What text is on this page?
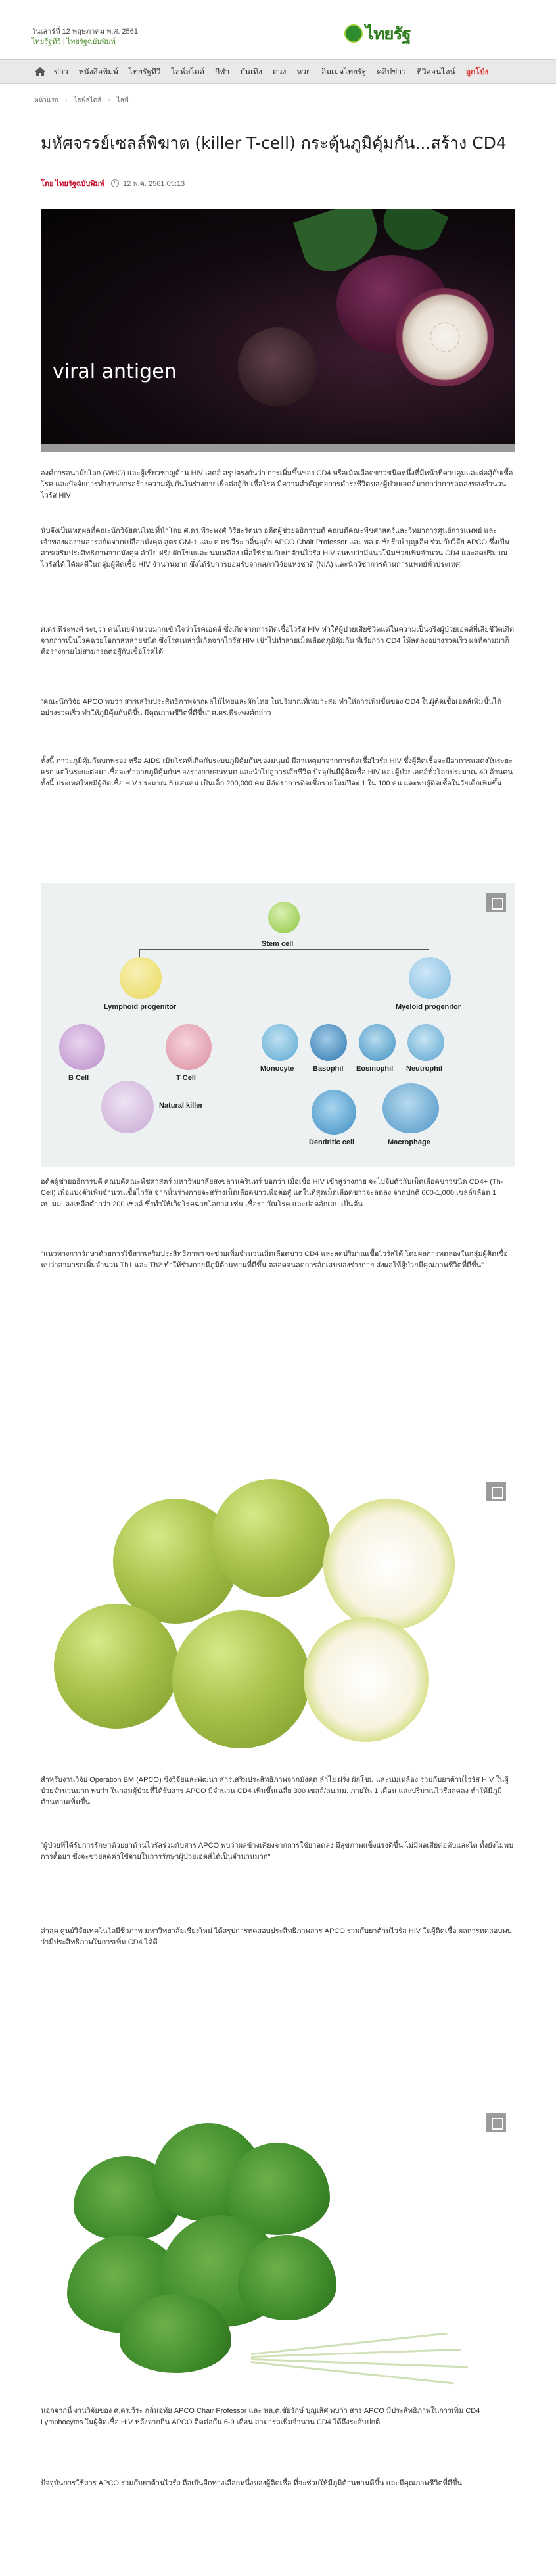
วันเสาร์ที่ 12 พฤษภาคม พ.ศ. 2561
ไทยรัฐทีวี | ไทยรัฐฉบับพิมพ์	ไทยรัฐ
ข่าว หนังสือพิมพ์ ไทยรัฐทีวี ไลฟ์สไตล์ กีฬา บันเทิง ดวง หวย อิมเมจไทยรัฐ คลิปข่าว ทีวีออนไลน์ ลูกโป่ง
หน้าแรก › ไลฟ์สไตล์ › ไลฟ์
มหัศจรรย์เซลล์พิฆาต (killer T-cell) กระตุ้นภูมิคุ้มกัน...สร้าง CD4
โดย ไทยรัฐฉบับพิมพ์	12 พ.ค. 2561 05:13
viral antigen

องค์การอนามัยโลก (WHO) และผู้เชี่ยวชาญด้าน HIV เอดส์ สรุปตรงกันว่า การเพิ่มขึ้นของ CD4 หรือเม็ดเลือดขาวชนิดหนึ่งที่มีหน้าที่ควบคุมและต่อสู้กับเชื้อโรค และปัจจัยการทำงานการสร้างความคุ้มกันในร่างกายเพื่อต่อสู้กับเชื้อโรค มีความสำคัญต่อการดำรงชีวิตของผู้ป่วยเอดส์มากกว่าการลดลงของจำนวนไวรัส HIV

นับจึงเป็นเหตุผลที่คณะนักวิจัยคนไทยที่นำโดย ศ.ดร.พีระพงศ์ วิรียะรัตนา อดีตผู้ช่วยอธิการบดี คณบดีคณะพืชศาสตร์และวิทยาการศูนย์การแพทย์ และเจ้าของผลงานสารสกัดจากเปลือกมังคุด สูตร GM-1 และ ศ.ดร.วีระ กลิ่นอุทัย APCO Chair Professor และ พล.ต.ชัยรักษ์ บุญเลิศ ร่วมกับวิจัย APCO ซึ่งเป็นสารเสริมประสิทธิภาพจากมังคุด ลำไย ฝรั่ง ผักโขมและ นมเหลือง เพื่อใช้ร่วมกับยาต้านไวรัส HIV จนพบว่ามีแนวโน้มช่วยเพิ่มจำนวน CD4 และลดปริมาณไวรัสได้ ได้ผลดีในกลุ่มผู้ติดเชื้อ HIV จำนวนมาก ซึ่งได้รับการยอมรับจากสภาวิจัยแห่งชาติ (NIA) และนักวิชาการด้านการแพทย์ทั่วประเทศ

ศ.ดร.พีระพงศ์ ระบุว่า คนไทยจำนวนมากเข้าใจว่าโรคเอดส์ ซึ่งเกิดจากการติดเชื้อไวรัส HIV ทำให้ผู้ป่วยเสียชีวิตแต่ในความเป็นจริงผู้ป่วยเอดส์ที่เสียชีวิตเกิดจากการเป็นโรคฉวยโอกาสหลายชนิด ซึ่งโรคเหล่านี้เกิดจากไวรัส HIV เข้าไปทำลายเม็ดเลือดภูมิคุ้มกัน ที่เรียกว่า CD4 ให้ลดลงอย่างรวดเร็ว ผลที่ตามมาก็คือร่างกายไม่สามารถต่อสู้กับเชื้อโรคได้

"คณะนักวิจัย APCO พบว่า สารเสริมประสิทธิภาพจากผลไม้ไทยและผักไทย ในปริมาณที่เหมาะสม ทำให้การเพิ่มขึ้นของ CD4 ในผู้ติดเชื้อเอดส์เพิ่มขึ้นได้อย่างรวดเร็ว ทำให้ภูมิคุ้มกันดีขึ้น มีคุณภาพชีวิตที่ดีขึ้น" ศ.ดร.พีระพงศ์กล่าว

ทั้งนี้ ภาวะภูมิคุ้มกันบกพร่อง หรือ AIDS เป็นโรคที่เกิดกับระบบภูมิคุ้มกันของมนุษย์ มีสาเหตุมาจากการติดเชื้อไวรัส HIV ซึ่งผู้ติดเชื้อจะมีอาการแสดงในระยะแรก แต่ในระยะต่อมาเชื้อจะทำลายภูมิคุ้มกันของร่างกายจนหมด และนำไปสู่การเสียชีวิต ปัจจุบันมีผู้ติดเชื้อ HIV และผู้ป่วยเอดส์ทั่วโลกประมาณ 40 ล้านคน ทั้งนี้ ประเทศไทยมีผู้ติดเชื้อ HIV ประมาณ 5 แสนคน เป็นเด็ก 200,000 คน มีอัตราการติดเชื้อรายใหม่ปีละ 1 ใน 100 คน และพบผู้ติดเชื้อในวัยเด็กเพิ่มขึ้น

Stem cell
Lymphoid progenitor	Myeloid progenitor
B Cell	T Cell
Natural killer
Monocyte	Basophil Eosinophil Neutrophil
Dendritic cell	Macrophage

อดีตผู้ช่วยอธิการบดี คณบดีคณะพืชศาสตร์ มหาวิทยาลัยสงขลานครินทร์ บอกว่า เมื่อเชื้อ HIV เข้าสู่ร่างกาย จะไปจับตัวกับเม็ดเลือดขาวชนิด CD4+ (Th-Cell) เพื่อแบ่งตัวเพิ่มจำนวนเชื้อไวรัส จากนั้นร่างกายจะสร้างเม็ดเลือดขาวเพื่อต่อสู้ แต่ในที่สุดเม็ดเลือดขาวจะลดลง จากปกติ 600-1,000 เซลล์/เลือด 1 ลบ.มม. ลงเหลือต่ำกว่า 200 เซลล์ ซึ่งทำให้เกิดโรคฉวยโอกาส เช่น เชื้อรา วัณโรค และปอดอักเสบ เป็นต้น

"แนวทางการรักษาด้วยการใช้สารเสริมประสิทธิภาพฯ จะช่วยเพิ่มจำนวนเม็ดเลือดขาว CD4 และลดปริมาณเชื้อไวรัสได้ โดยผลการทดลองในกลุ่มผู้ติดเชื้อพบว่าสามารถเพิ่มจำนวน Th1 และ Th2 ทำให้ร่างกายมีภูมิต้านทานที่ดีขึ้น ตลอดจนลดการอักเสบของร่างกาย ส่งผลให้ผู้ป่วยมีคุณภาพชีวิตที่ดีขึ้น"

สำหรับงานวิจัย Operation BM (APCO) ซึ่งวิจัยและพัฒนา สารเสริมประสิทธิภาพจากมังคุด ลำไย ฝรั่ง ผักโขม และนมเหลือง ร่วมกับยาต้านไวรัส HIV ในผู้ป่วยจำนวนมาก พบว่า ในกลุ่มผู้ป่วยที่ได้รับสาร APCO มีจำนวน CD4 เพิ่มขึ้นเฉลี่ย 300 เซลล์/ลบ.มม. ภายใน 1 เดือน และปริมาณไวรัสลดลง ทำให้มีภูมิต้านทานเพิ่มขึ้น

"ผู้ป่วยที่ได้รับการรักษาด้วยยาต้านไวรัสร่วมกับสาร APCO พบว่าผลข้างเคียงจากการใช้ยาลดลง มีสุขภาพแข็งแรงดีขึ้น ไม่มีผลเสียต่อตับและไต ทั้งยังไม่พบการดื้อยา ซึ่งจะช่วยลดค่าใช้จ่ายในการรักษาผู้ป่วยเอดส์ได้เป็นจำนวนมาก"

ล่าสุด ศูนย์วิจัยเทคโนโลยีชีวภาพ มหาวิทยาลัยเชียงใหม่ ได้สรุปการทดสอบประสิทธิภาพสาร APCO ร่วมกับยาต้านไวรัส HIV ในผู้ติดเชื้อ ผลการทดสอบพบว่ามีประสิทธิภาพในการเพิ่ม CD4 ได้ดี

นอกจากนี้ งานวิจัยของ ศ.ดร.วีระ กลิ่นอุทัย APCO Chair Professor และ พล.ต.ชัยรักษ์ บุญเลิศ พบว่า สาร APCO มีประสิทธิภาพในการเพิ่ม CD4 Lymphocytes ในผู้ติดเชื้อ HIV หลังจากกิน APCO ติดต่อกัน 6-9 เดือน สามารถเพิ่มจำนวน CD4 ได้ถึงระดับปกติ

ปัจจุบันการใช้สาร APCO ร่วมกับยาต้านไวรัส ถือเป็นอีกทางเลือกหนึ่งของผู้ติดเชื้อ ที่จะช่วยให้มีภูมิต้านทานดีขึ้น และมีคุณภาพชีวิตที่ดีขึ้น
